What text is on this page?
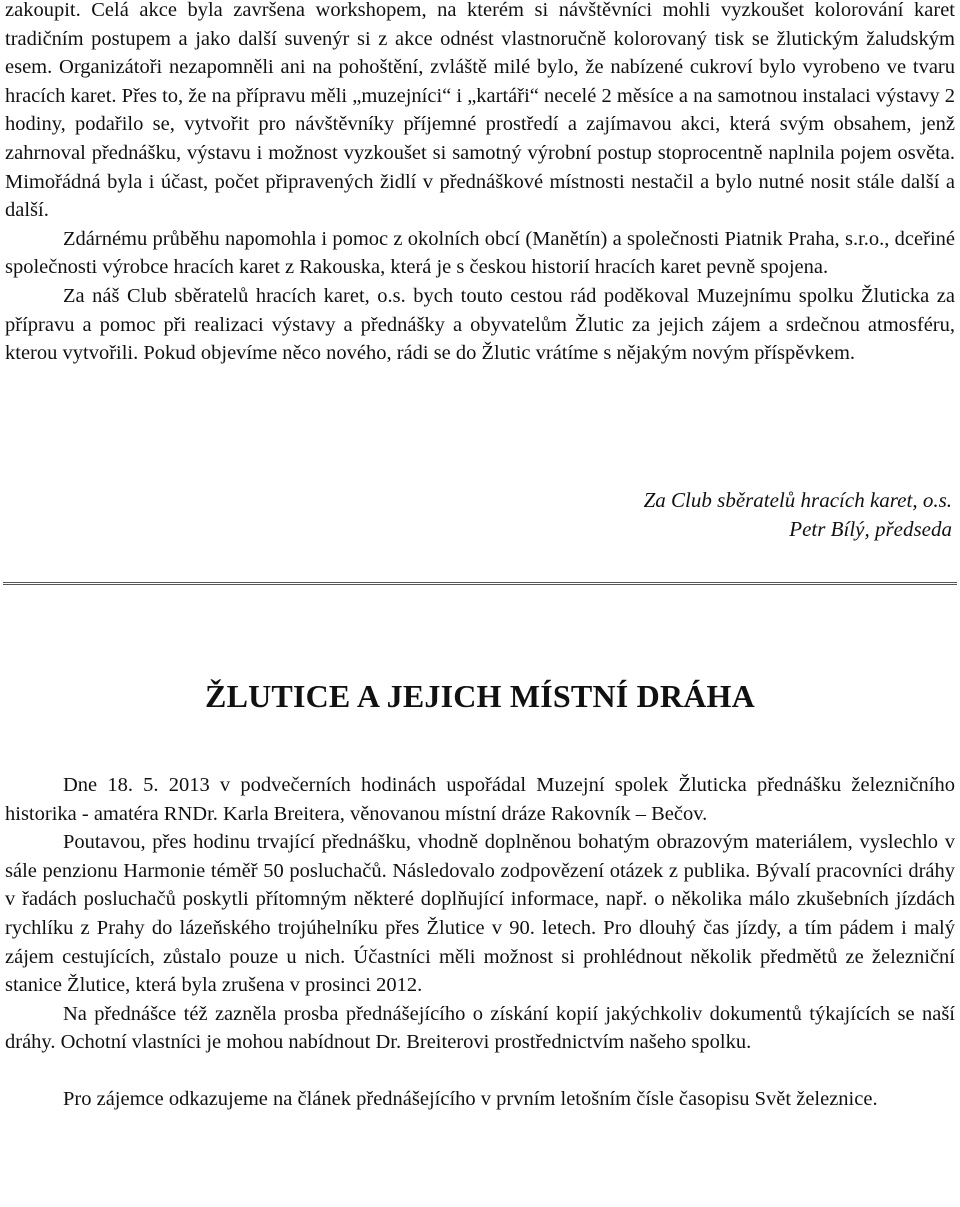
zakoupit. Celá akce byla završena workshopem, na kterém si návštěvníci mohli vyzkoušet kolorování karet tradičním postupem a jako další suvenýr si z akce odnést vlastnoručně kolorovaný tisk se žlutickým žaludským esem. Organizátoři nezapomněli ani na pohoštění, zvláště milé bylo, že nabízené cukroví bylo vyrobeno ve tvaru hracích karet. Přes to, že na přípravu měli „muzejníci“ i „kartáři“ necelé 2 měsíce a na samotnou instalaci výstavy 2 hodiny, podařilo se, vytvořit pro návštěvníky příjemné prostředí a zajímavou akci, která svým obsahem, jenž zahrnoval přednášku, výstavu i možnost vyzkoušet si samotný výrobní postup stoprocentně naplnila pojem osvěta. Mimořádná byla i účast, počet připravených židlí v přednáškové místnosti nestačil a bylo nutné nosit stále další a další.

Zdárnému průběhu napomohla i pomoc z okolních obcí (Manětín) a společnosti Piatnik Praha, s.r.o., dceřiné společnosti výrobce hracích karet z Rakouska, která je s českou historií hracích karet pevně spojena.

Za náš Club sběratelů hracích karet, o.s. bych touto cestou rád poděkoval Muzejnímu spolku Žluticka za přípravu a pomoc při realizaci výstavy a přednášky a obyvatelům Žlutic za jejich zájem a srdečnou atmosféru, kterou vytvořili. Pokud objevíme něco nového, rádi se do Žlutic vrátíme s nějakým novým příspěvkem.

Za Club sběratelů hracích karet, o.s.
Petr Bílý, předseda
ŽLUTICE A JEJICH MÍSTNÍ DRÁHA

Dne 18. 5. 2013 v podvečerních hodinách uspořádal Muzejní spolek Žluticka přednášku železničního historika - amatéra RNDr. Karla Breitera, věnovanou místní dráze Rakovník – Bečov.

Poutavou, přes hodinu trvající přednášku, vhodně doplněnou bohatým obrazovým materiálem, vyslechlo v sále penzionu Harmonie téměř 50 posluchačů. Následovalo zodpovězení otázek z publika. Bývalí pracovníci dráhy v řadách posluchačů poskytli přítomným některé doplňující informace, např. o několika málo zkušebních jízdách rychlíku z Prahy do lázeňského trojúhelníku přes Žlutice v 90. letech. Pro dlouhý čas jízdy, a tím pádem i malý zájem cestujících, zůstalo pouze u nich. Účastníci měli možnost si prohlédnout několik předmětů ze železniční stanice Žlutice, která byla zrušena v prosinci 2012.

Na přednášce též zazněla prosba přednášejícího o získání kopií jakýchkoliv dokumentů týkajících se naší dráhy. Ochotní vlastníci je mohou nabídnout Dr. Breiterovi prostřednictvím našeho spolku.

Pro zájemce odkazujeme na článek přednášejícího v prvním letošním čísle časopisu Svět železnice.
